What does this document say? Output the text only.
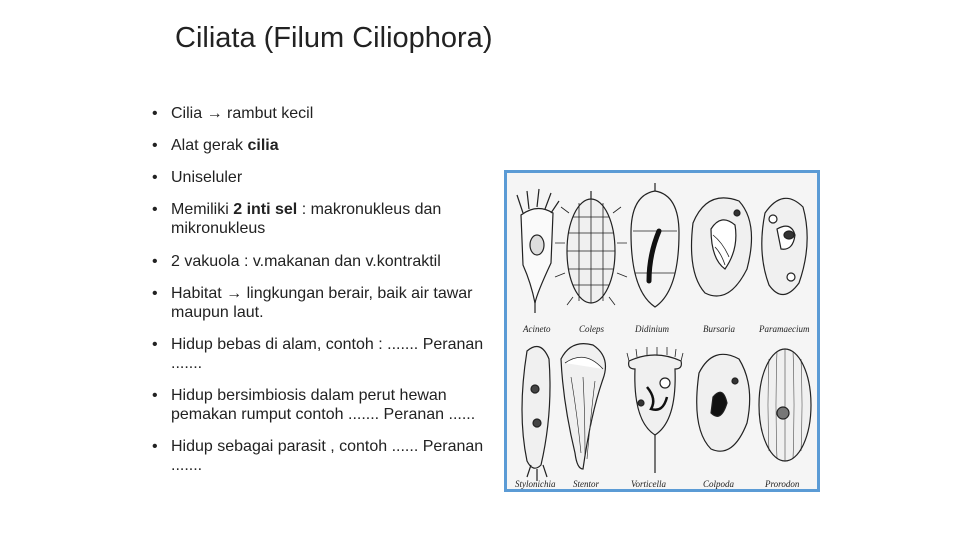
Ciliata (Filum Ciliophora)
• Cilia → rambut kecil
• Alat gerak cilia
• Uniseluler
• Memiliki 2 inti sel : makronukleus dan mikronukleus
• 2 vakuola : v.makanan dan v.kontraktil
• Habitat → lingkungan berair, baik air tawar maupun laut.
• Hidup bebas di alam, contoh : ....... Peranan .......
• Hidup bersimbiosis dalam perut hewan pemakan rumput contoh ....... Peranan ......
• Hidup sebagai parasit , contoh ...... Peranan .......
Acineto	Coleps	Didinium	Bursaria	Paramaecium
Stylonichia Stentor	Vorticella	Colpoda	Prorodon
